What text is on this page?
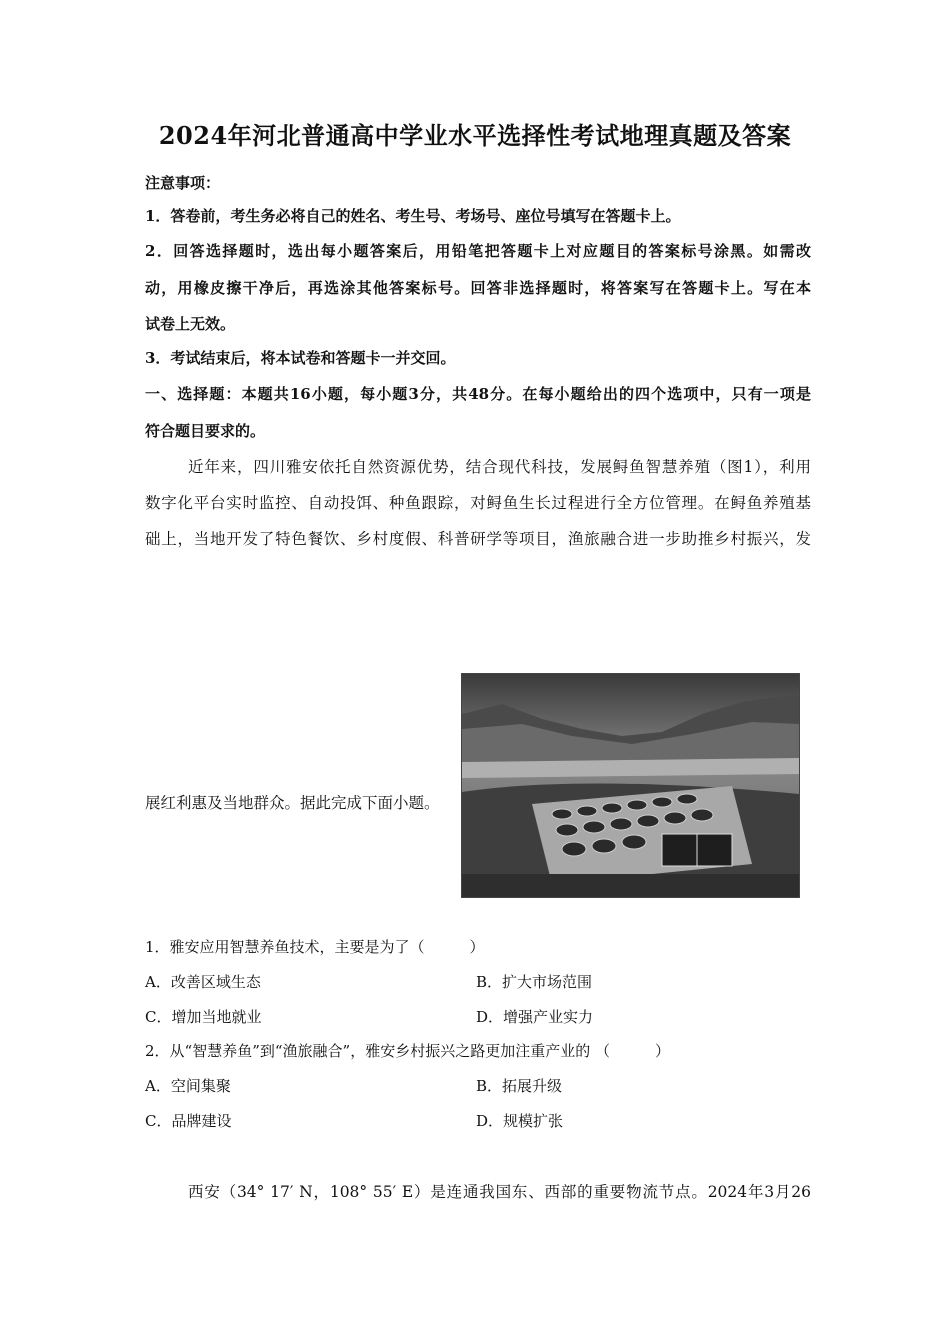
2024年河北普通高中学业水平选择性考试地理真题及答案
注意事项：
1．答卷前，考生务必将自己的姓名、考生号、考场号、座位号填写在答题卡上。
2．回答选择题时，选出每小题答案后，用铅笔把答题卡上对应题目的答案标号涂黑。如需改
动，用橡皮擦干净后，再选涂其他答案标号。回答非选择题时，将答案写在答题卡上。写在本
试卷上无效。
3．考试结束后，将本试卷和答题卡一并交回。
一、选择题：本题共16小题，每小题3分，共48分。在每小题给出的四个选项中，只有一项是
符合题目要求的。
近年来，四川雅安依托自然资源优势，结合现代科技，发展鲟鱼智慧养殖（图1），利用
数字化平台实时监控、自动投饵、种鱼跟踪，对鲟鱼生长过程进行全方位管理。在鲟鱼养殖基
础上，当地开发了特色餐饮、乡村度假、科普研学等项目，渔旅融合进一步助推乡村振兴，发
展红利惠及当地群众。据此完成下面小题。
1．雅安应用智慧养鱼技术，主要是为了（　　　）
A．改善区域生态	B．扩大市场范围
C．增加当地就业	D．增强产业实力
2．从“智慧养鱼”到“渔旅融合”，雅安乡村振兴之路更加注重产业的 （　　　）
A．空间集聚	B．拓展升级
C．品牌建设	D．规模扩张
西安（34° 17′ N，108° 55′ E）是连通我国东、西部的重要物流节点。2024年3月26
